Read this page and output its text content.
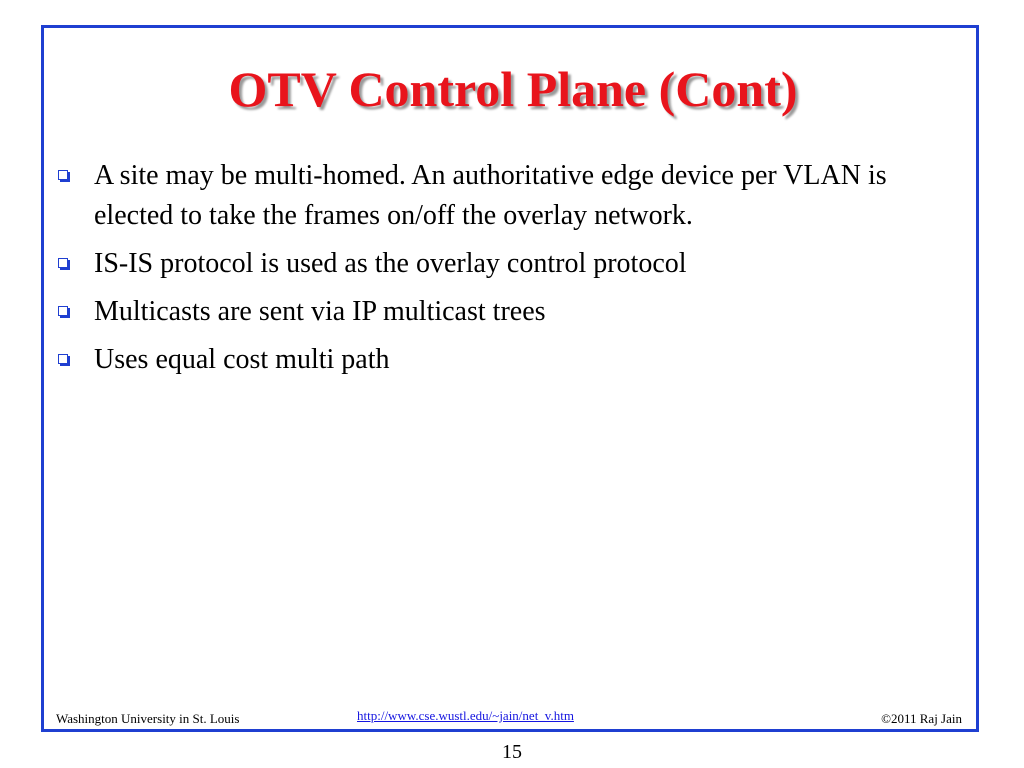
OTV Control Plane (Cont)
A site may be multi-homed. An authoritative edge device per VLAN is elected to take the frames on/off the overlay network.
IS-IS protocol is used as the overlay control protocol
Multicasts are sent via IP multicast trees
Uses equal cost multi path
Washington University in St. Louis	http://www.cse.wustl.edu/~jain/net_v.htm	©2011 Raj Jain
15
